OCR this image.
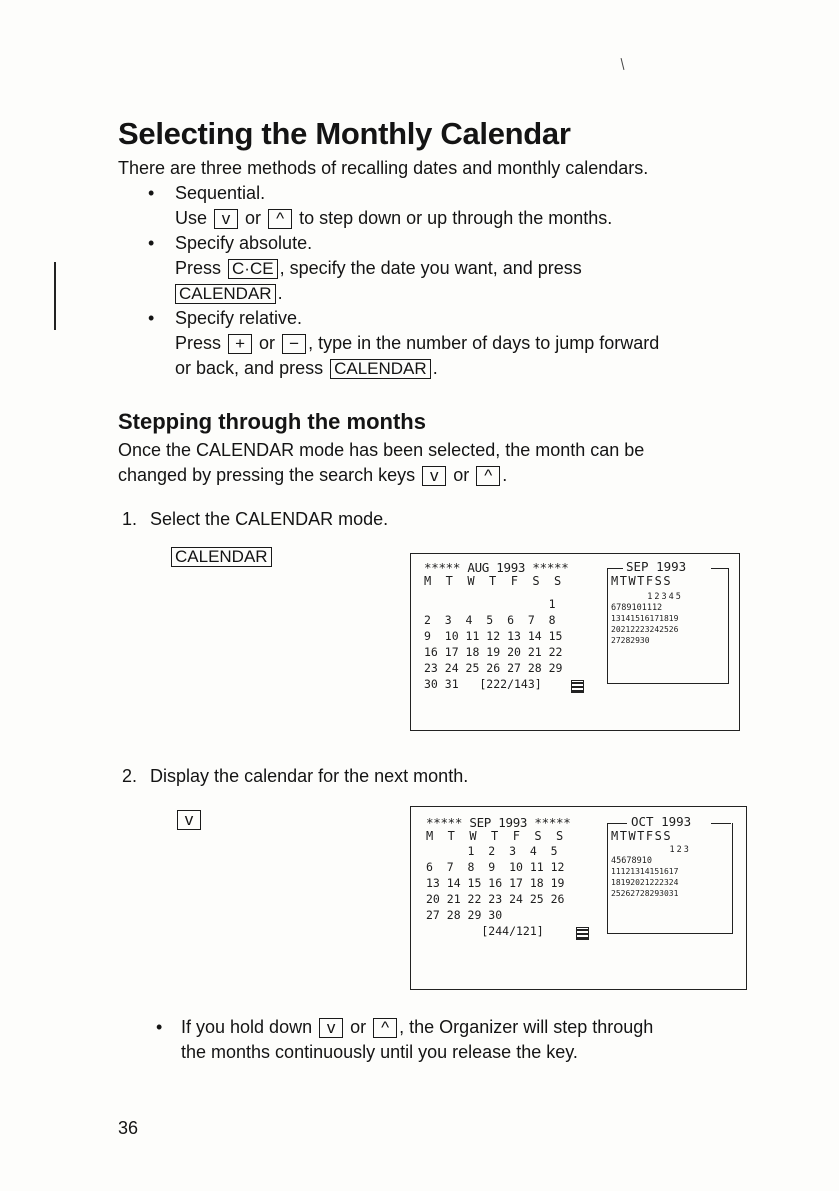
Selecting the Monthly Calendar
There are three methods of recalling dates and monthly calendars.
• Sequential.
Use v or ^ to step down or up through the months.
• Specify absolute.
Press C·CE , specify the date you want, and press
CALENDAR .
• Specify relative.
Press + or − , type in the number of days to jump forward
or back, and press CALENDAR .
Stepping through the months
Once the CALENDAR mode has been selected, the month can be
changed by pressing the search keys v or ^ .
1. Select the CALENDAR mode.
CALENDAR
***** AUG 1993 *****
M  T  W  T  F  S  S
1
2  3  4  5  6  7  8
9  10 11 12 13 14 15
16 17 18 19 20 21 22
23 24 25 26 27 28 29
30 31   [222/143]
SEP 1993
MTWTFSS
12345
6789101112
13141516171819
20212223242526
27282930
2. Display the calendar for the next month.
v	***** SEP 1993 *****
M  T  W  T  F  S  S
1  2  3  4  5
6  7  8  9  10 11 12
13 14 15 16 17 18 19
20 21 22 23 24 25 26
27 28 29 30
[244/121]
OCT 1993
MTWTFSS
123
45678910
11121314151617
18192021222324
25262728293031
• If you hold down v or ^ , the Organizer will step through
the months continuously until you release the key.
36
